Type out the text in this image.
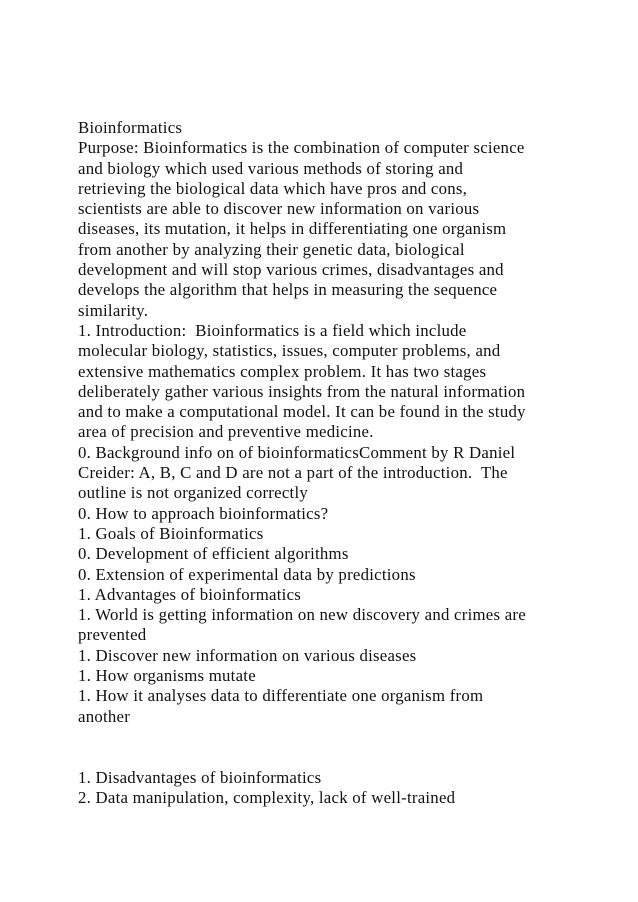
Bioinformatics
Purpose: Bioinformatics is the combination of computer science
and biology which used various methods of storing and
retrieving the biological data which have pros and cons,
scientists are able to discover new information on various
diseases, its mutation, it helps in differentiating one organism
from another by analyzing their genetic data, biological
development and will stop various crimes, disadvantages and
develops the algorithm that helps in measuring the sequence
similarity.
1. Introduction:  Bioinformatics is a field which include
molecular biology, statistics, issues, computer problems, and
extensive mathematics complex problem. It has two stages
deliberately gather various insights from the natural information
and to make a computational model. It can be found in the study
area of precision and preventive medicine.
0. Background info on of bioinformaticsComment by R Daniel
Creider: A, B, C and D are not a part of the introduction.  The
outline is not organized correctly
0. How to approach bioinformatics?
1. Goals of Bioinformatics
0. Development of efficient algorithms
0. Extension of experimental data by predictions
1. Advantages of bioinformatics
1. World is getting information on new discovery and crimes are
prevented
1. Discover new information on various diseases
1. How organisms mutate
1. How it analyses data to differentiate one organism from
another
1. Disadvantages of bioinformatics
2. Data manipulation, complexity, lack of well-trained
